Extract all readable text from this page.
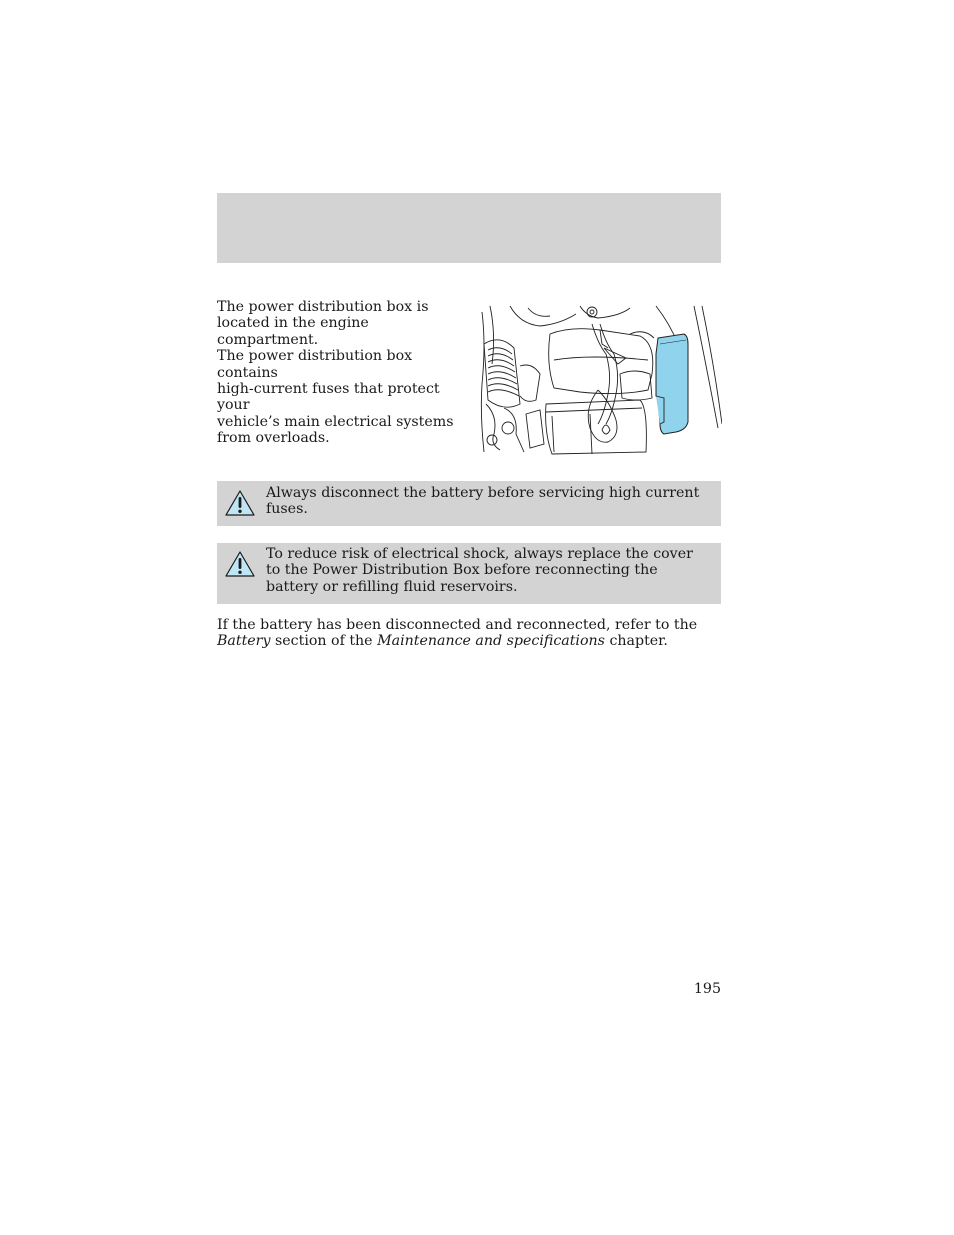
The power distribution box is
located in the engine compartment.
The power distribution box contains
high-current fuses that protect your
vehicle’s main electrical systems
from overloads.
Always disconnect the battery before servicing high current fuses.
To reduce risk of electrical shock, always replace the cover to the Power Distribution Box before reconnecting the battery or refilling fluid reservoirs.
If the battery has been disconnected and reconnected, refer to the Battery section of the Maintenance and specifications chapter.
195
